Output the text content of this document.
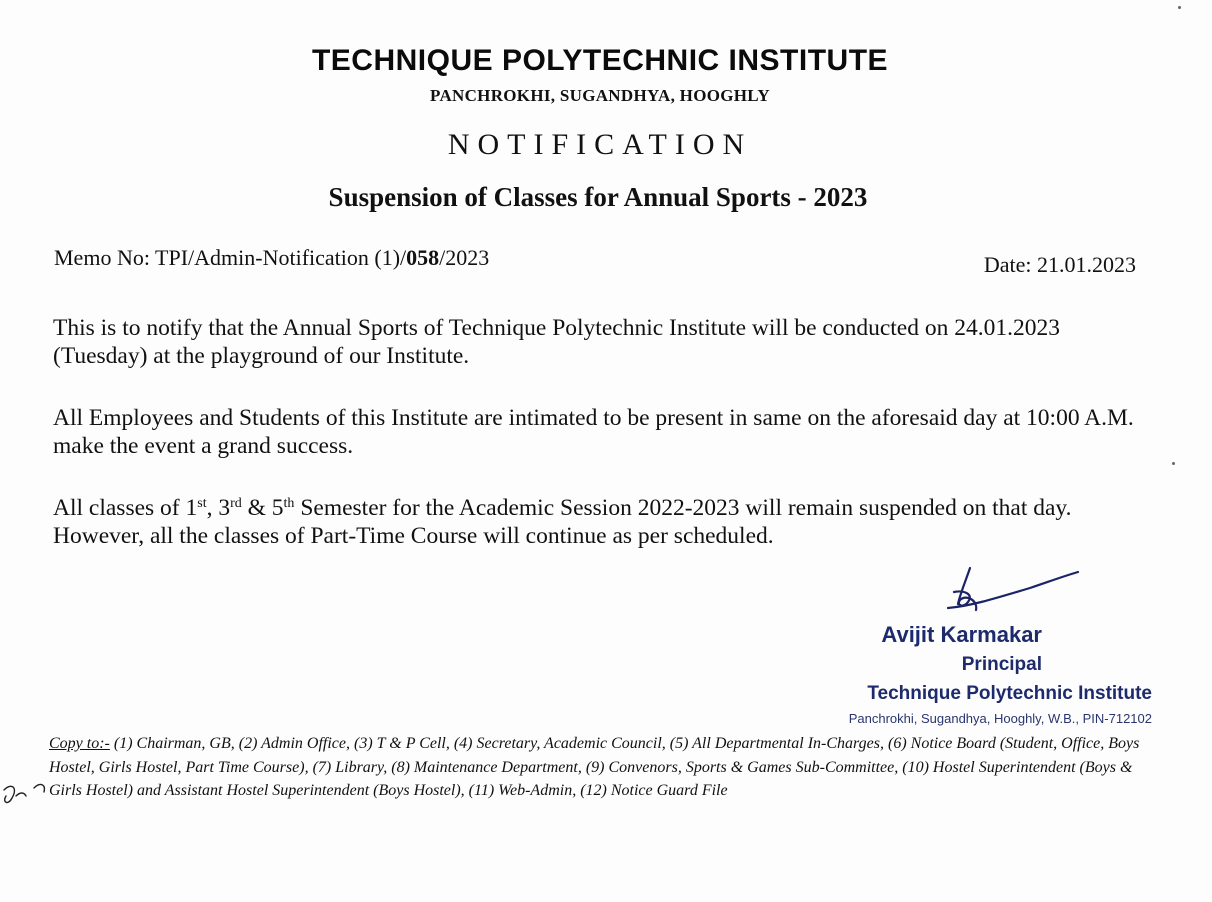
TECHNIQUE POLYTECHNIC INSTITUTE
PANCHROKHI, SUGANDHYA, HOOGHLY
NOTIFICATION
Suspension of Classes for Annual Sports - 2023
Memo No: TPI/Admin-Notification (1)/058/2023	Date: 21.01.2023
This is to notify that the Annual Sports of Technique Polytechnic Institute will be conducted on 24.01.2023 (Tuesday) at the playground of our Institute.
All Employees and Students of this Institute are intimated to be present in same on the aforesaid day at 10:00 A.M. make the event a grand success.
All classes of 1st, 3rd & 5th Semester for the Academic Session 2022-2023 will remain suspended on that day. However, all the classes of Part-Time Course will continue as per scheduled.
Avijit Karmakar
Principal
Technique Polytechnic Institute
Panchrokhi, Sugandhya, Hooghly, W.B., PIN-712102
Copy to:- (1) Chairman, GB, (2) Admin Office, (3) T & P Cell, (4) Secretary, Academic Council, (5) All Departmental In-Charges, (6) Notice Board (Student, Office, Boys Hostel, Girls Hostel, Part Time Course), (7) Library, (8) Maintenance Department, (9) Convenors, Sports & Games Sub-Committee, (10) Hostel Superintendent (Boys & Girls Hostel) and Assistant Hostel Superintendent (Boys Hostel), (11) Web-Admin, (12) Notice Guard File
